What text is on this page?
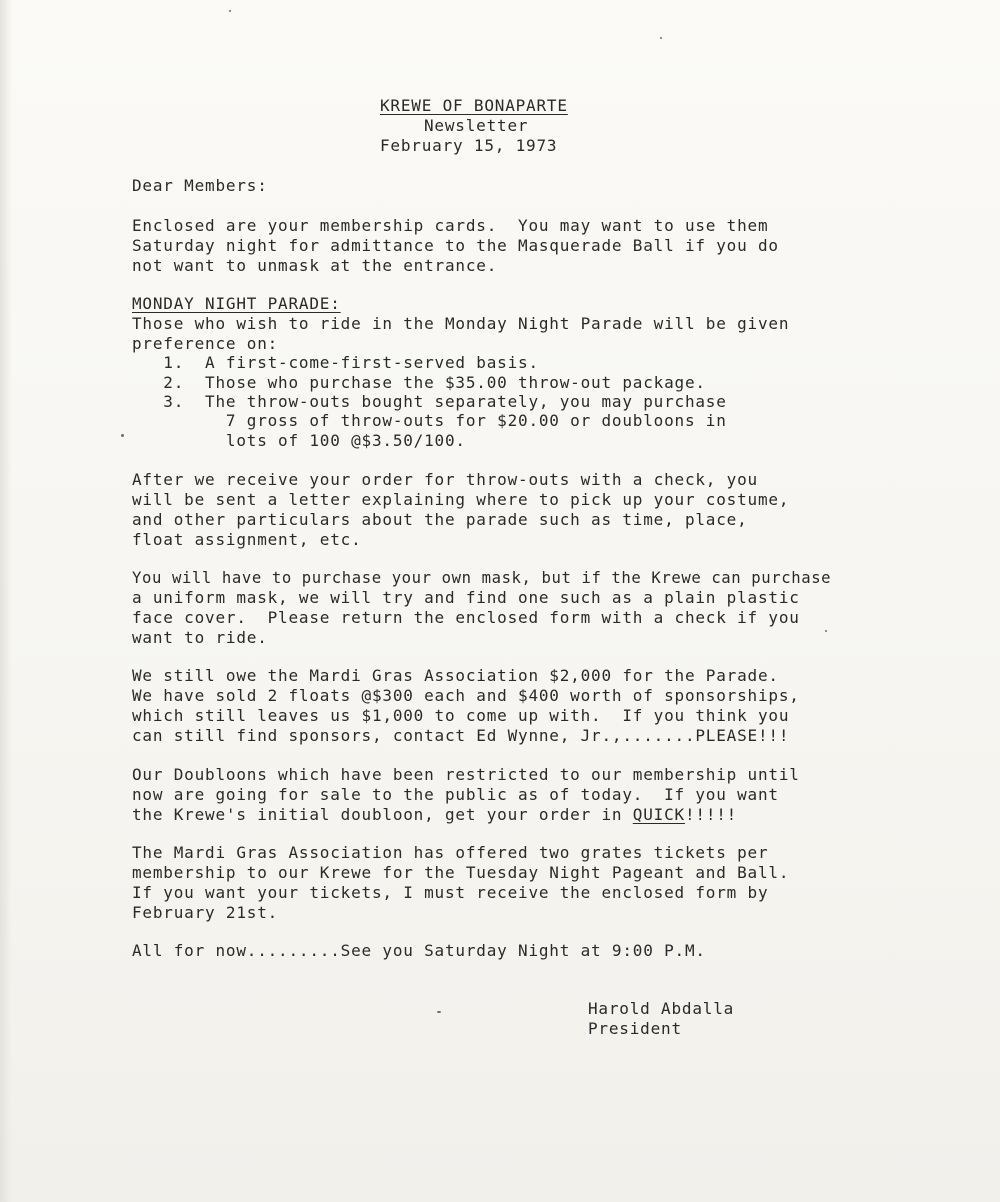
KREWE OF BONAPARTE
Newsletter
February 15, 1973
Dear Members:
Enclosed are your membership cards.  You may want to use them
Saturday night for admittance to the Masquerade Ball if you do
not want to unmask at the entrance.
MONDAY NIGHT PARADE:
Those who wish to ride in the Monday Night Parade will be given
preference on:
1.  A first-come-first-served basis.
2.  Those who purchase the $35.00 throw-out package.
3.  The throw-outs bought separately, you may purchase
7 gross of throw-outs for $20.00 or doubloons in
lots of 100 @$3.50/100.
After we receive your order for throw-outs with a check, you
will be sent a letter explaining where to pick up your costume,
and other particulars about the parade such as time, place,
float assignment, etc.
You will have to purchase your own mask, but if the Krewe can purchase
a uniform mask, we will try and find one such as a plain plastic
face cover.  Please return the enclosed form with a check if you
want to ride.
We still owe the Mardi Gras Association $2,000 for the Parade.
We have sold 2 floats @$300 each and $400 worth of sponsorships,
which still leaves us $1,000 to come up with.  If you think you
can still find sponsors, contact Ed Wynne, Jr.,.......PLEASE!!!
Our Doubloons which have been restricted to our membership until
now are going for sale to the public as of today.  If you want
the Krewe's initial doubloon, get your order in QUICK!!!!!
The Mardi Gras Association has offered two grates tickets per
membership to our Krewe for the Tuesday Night Pageant and Ball.
If you want your tickets, I must receive the enclosed form by
February 21st.
All for now.........See you Saturday Night at 9:00 P.M.
Harold Abdalla
President
